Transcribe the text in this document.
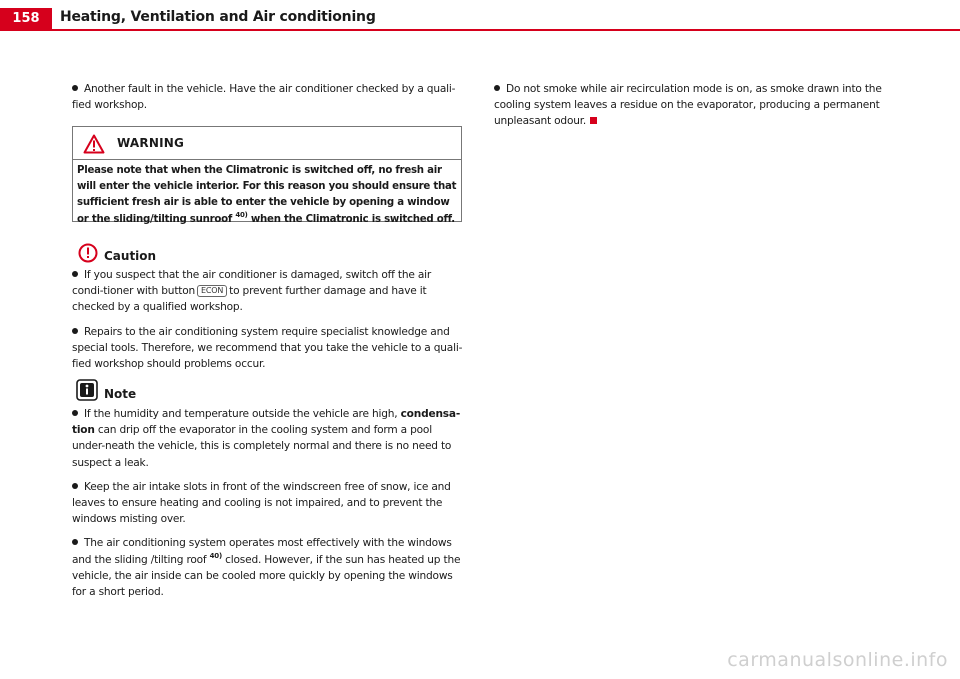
158	Heating, Ventilation and Air conditioning

Another fault in the vehicle. Have the air conditioner checked by a quali-fied workshop.

WARNING
Please note that when the Climatronic is switched off, no fresh air will enter the vehicle interior. For this reason you should ensure that sufficient fresh air is able to enter the vehicle by opening a window or the sliding/tilting sunroof $^{40)}$ when the Climatronic is switched off.
Caution

If you suspect that the air conditioner is damaged, switch off the air condi-tioner with button ECON to prevent further damage and have it checked by a qualified workshop.

Repairs to the air conditioning system require specialist knowledge and special tools. Therefore, we recommend that you take the vehicle to a quali-fied workshop should problems occur.

Note

If the humidity and temperature outside the vehicle are high, condensa-tion can drip off the evaporator in the cooling system and form a pool under-neath the vehicle, this is completely normal and there is no need to suspect a leak.

Keep the air intake slots in front of the windscreen free of snow, ice and leaves to ensure heating and cooling is not impaired, and to prevent the windows misting over.

The air conditioning system operates most effectively with the windows and the sliding /tilting roof $^{40)}$ closed. However, if the sun has heated up the vehicle, the air inside can be cooled more quickly by opening the windows for a short period.

Do not smoke while air recirculation mode is on, as smoke drawn into the cooling system leaves a residue on the evaporator, producing a permanent unpleasant odour.

carmanualsonline.info
